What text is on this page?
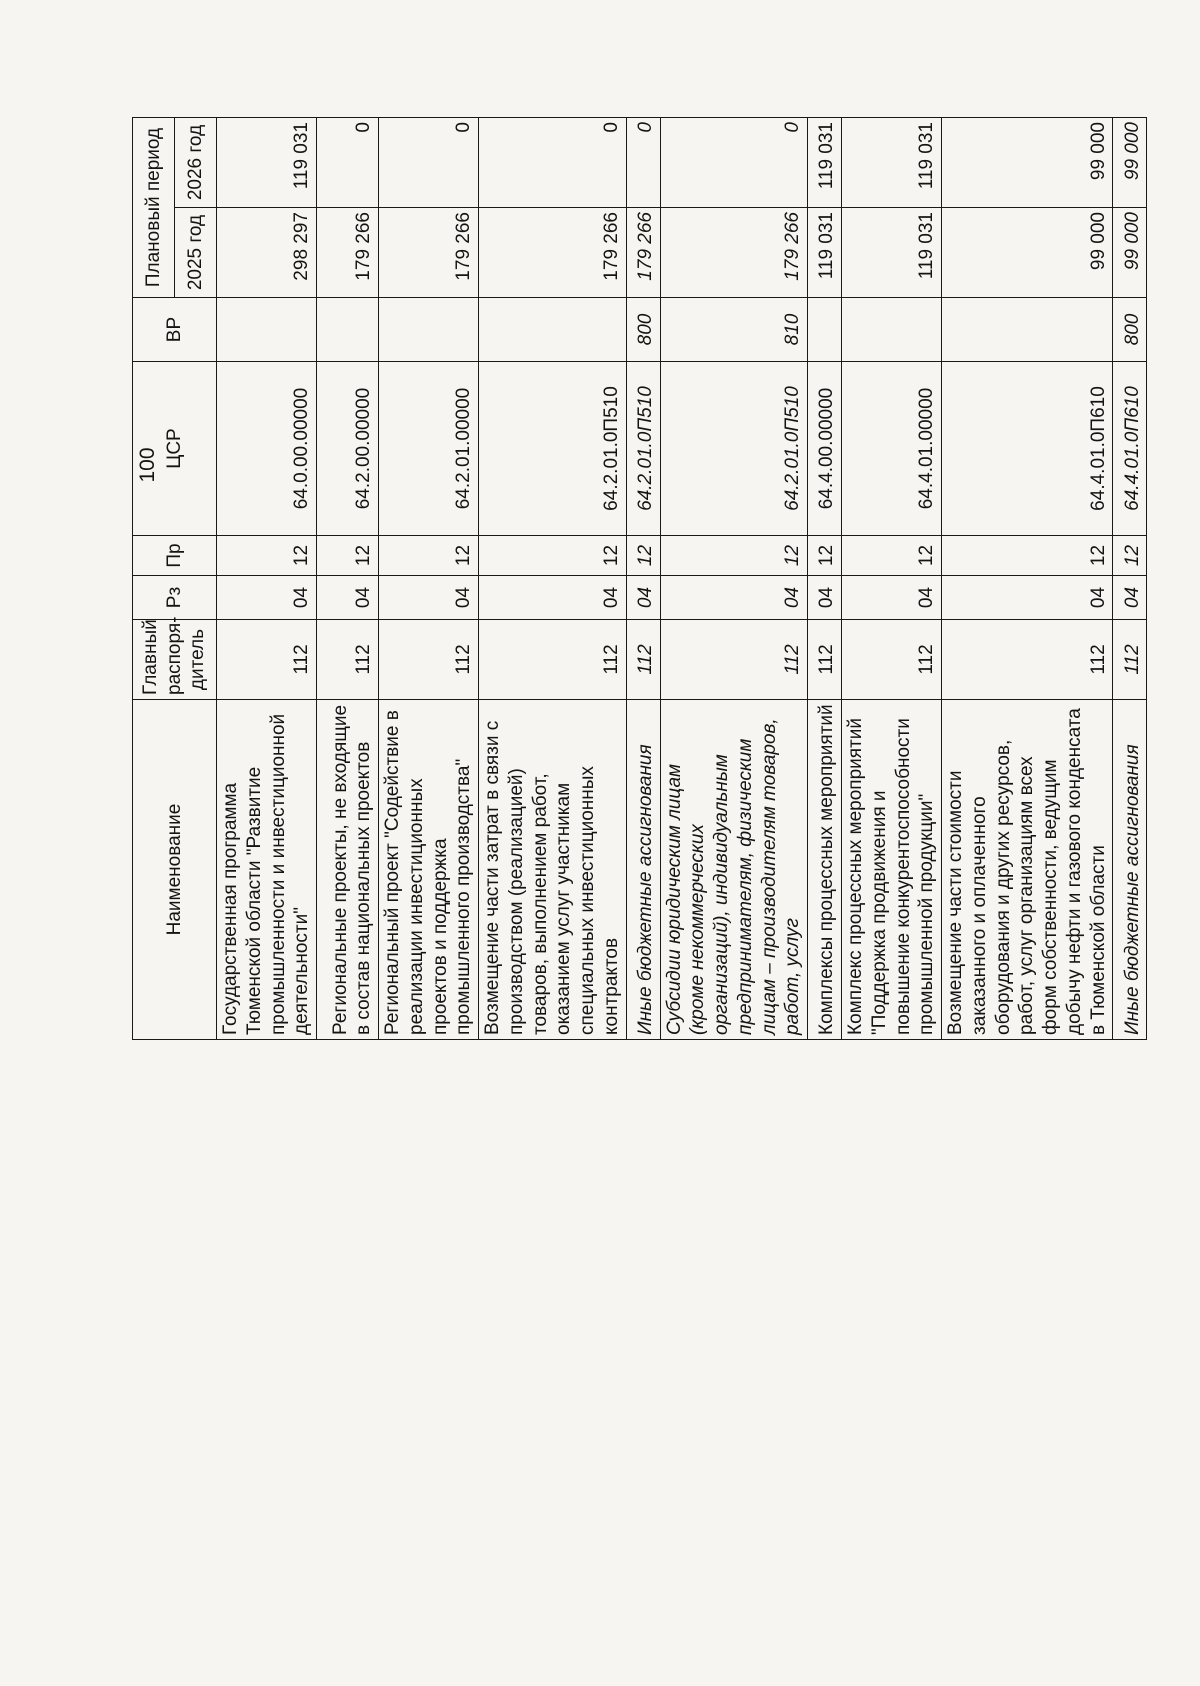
100
Наименование	Главный распоря- дитель	Рз	Пр	ЦСР	ВР	Плановый период	
						2025 год	2026 год
Государственная программа Тюменской области "Развитие промышленности и инвестиционной деятельности"	112	04	12	64.0.00.00000		298 297	119 031
Региональные проекты, не входящие в состав национальных проектов	112	04	12	64.2.00.00000		179 266	0
Региональный проект "Содействие в реализации инвестиционных проектов и поддержка промышленного производства"	112	04	12	64.2.01.00000		179 266	0
Возмещение части затрат в связи с производством (реализацией) товаров, выполнением работ, оказанием услуг участникам специальных инвестиционных контрактов	112	04	12	64.2.01.0П510		179 266	0
Иные бюджетные ассигнования	112	04	12	64.2.01.0П510	800	179 266	0
Субсидии юридическим лицам (кроме некоммерческих организаций), индивидуальным предпринимателям, физическим лицам – производителям товаров, работ, услуг	112	04	12	64.2.01.0П510	810	179 266	0
Комплексы процессных мероприятий	112	04	12	64.4.00.00000		119 031	119 031
Комплекс процессных мероприятий "Поддержка продвижения и повышение конкурентоспособности промышленной продукции"	112	04	12	64.4.01.00000		119 031	119 031
Возмещение части стоимости заказанного и оплаченного оборудования и других ресурсов, работ, услуг организациям всех форм собственности, ведущим добычу нефти и газового конденсата в Тюменской области	112	04	12	64.4.01.0П610		99 000	99 000
Иные бюджетные ассигнования	112	04	12	64.4.01.0П610	800	99 000	99 000
